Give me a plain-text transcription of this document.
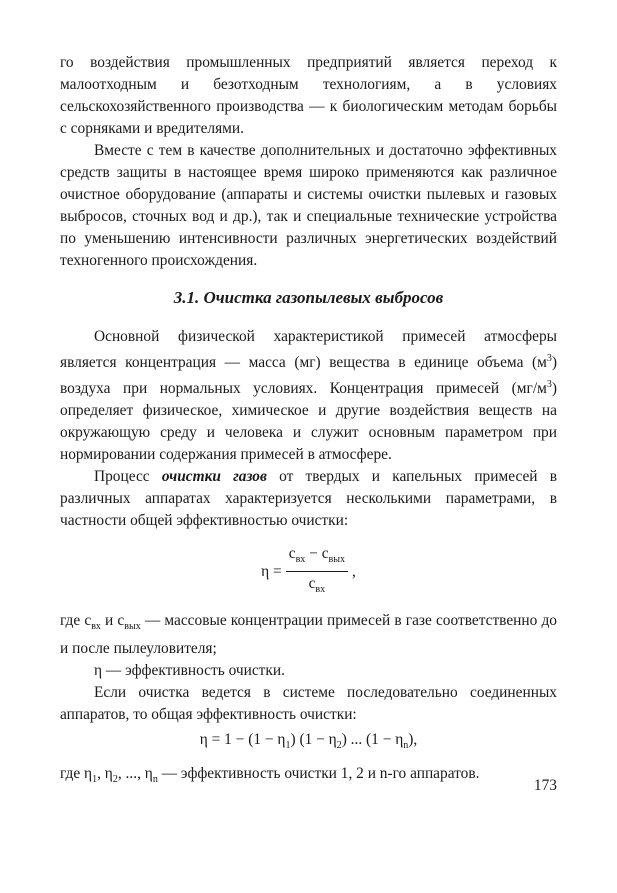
го воздействия промышленных предприятий является переход к малоотходным и безотходным технологиям, а в условиях сельскохозяйственного производства — к биологическим методам борьбы с сорняками и вредителями.

Вместе с тем в качестве дополнительных и достаточно эффективных средств защиты в настоящее время широко применяются как различное очистное оборудование (аппараты и системы очистки пылевых и газовых выбросов, сточных вод и др.), так и специальные технические устройства по уменьшению интенсивности различных энергетических воздействий техногенного происхождения.

3.1. Очистка газопылевых выбросов

Основной физической характеристикой примесей атмосферы является концентрация — масса (мг) вещества в единице объема $(м^3)$ воздуха при нормальных условиях. Концентрация примесей $(мг/м^3)$ определяет физическое, химическое и другие воздействия веществ на окружающую среду и человека и служит основным параметром при нормировании содержания примесей в атмосфере.

Процесс очистки газов от твердых и капельных примесей в различных аппаратах характеризуется несколькими параметрами, в частности общей эффективностью очистки:

$\eta = \frac{c_{вх} - c_{вых}}{c_{вх}}$ ,

где $с_{вх}$ и $с_{вых}$ — массовые концентрации примесей в газе соответственно до и после пылеуловителя;

η — эффективность очистки.

Если очистка ведется в системе последовательно соединенных аппаратов, то общая эффективность очистки:

$\eta = 1 - (1 - \eta_1)$ $(1 - \eta_2)$ ... $(1 - \eta_n)$,

где $\eta_1$, $\eta_2$, ..., $\eta_n$ — эффективность очистки 1, 2 и n-го аппаратов.

173
